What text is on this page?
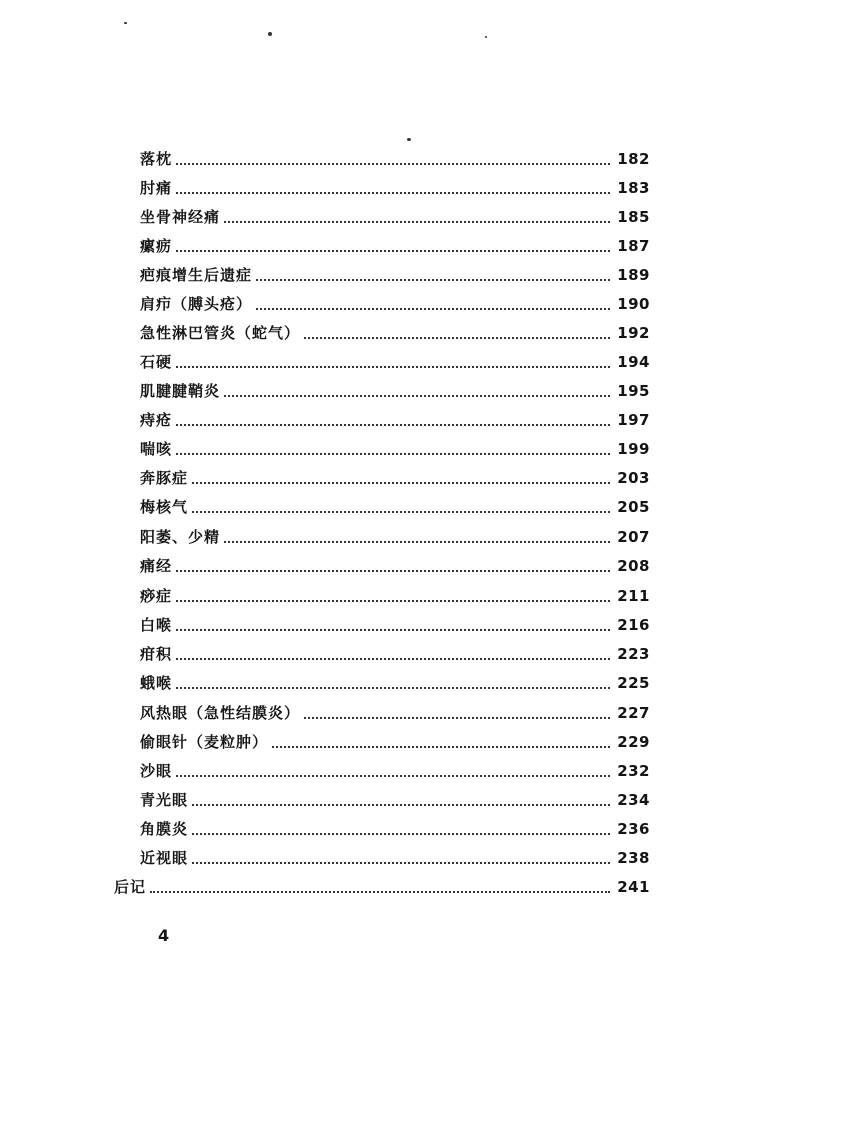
落枕	182
肘痛	183
坐骨神经痛	185
瘰疬	187
疤痕增生后遗症	189
肩疖（膊头疮）	190
急性淋巴管炎（蛇气）	192
石硬	194
肌腱腱鞘炎	195
痔疮	197
喘咳	199
奔豚症	203
梅核气	205
阳萎、少精	207
痛经	208
痧症	211
白喉	216
疳积	223
蛾喉	225
风热眼（急性结膜炎）	227
偷眼针（麦粒肿）	229
沙眼	232
青光眼	234
角膜炎	236
近视眼	238
后记	241
4
